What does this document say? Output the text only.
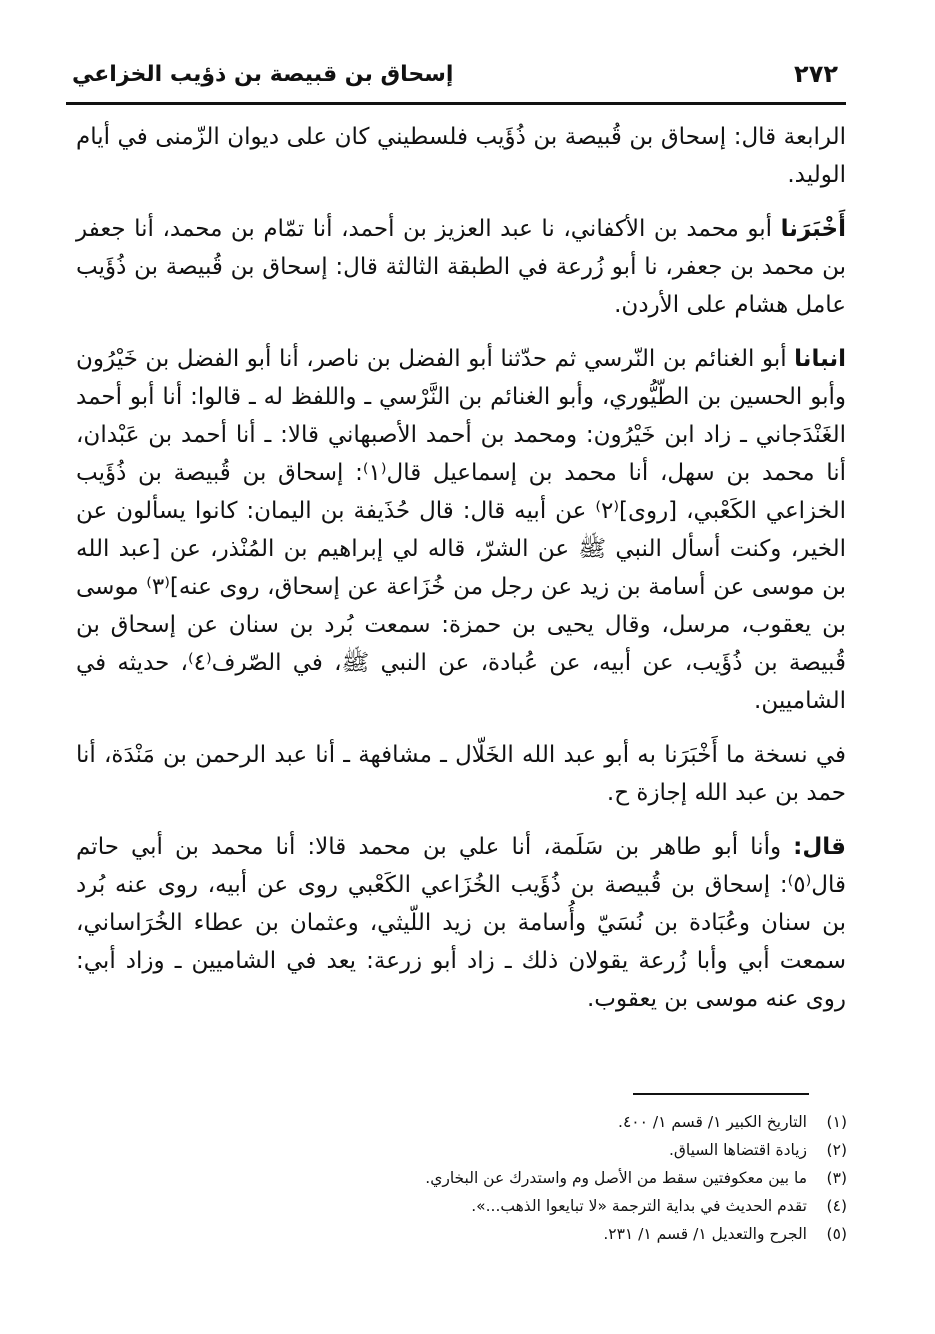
٢٧٢
إسحاق بن قبيصة بن ذؤيب الخزاعي

الرابعة قال: إسحاق بن قُبيصة بن ذُؤَيب فلسطيني كان على ديوان الزّمنى في أيام الوليد.

أَخْبَرَنا أبو محمد بن الأكفاني، نا عبد العزيز بن أحمد، أنا تمّام بن محمد، أنا جعفر بن محمد بن جعفر، نا أبو زُرعة في الطبقة الثالثة قال: إسحاق بن قُبيصة بن ذُؤَيب عامل هشام على الأردن.

انبانا أبو الغنائم بن النّرسي ثم حدّثنا أبو الفضل بن ناصر، أنا أبو الفضل بن خَيْرُون وأبو الحسين بن الطّيُّوري، وأبو الغنائم بن النَّرْسي ـ واللفظ له ـ قالوا: أنا أبو أحمد الغَنْدَجاني ـ زاد ابن خَيْرُون: ومحمد بن أحمد الأصبهاني قالا: ـ أنا أحمد بن عَبْدان، أنا محمد بن سهل، أنا محمد بن إسماعيل قال⁽١⁾: إسحاق بن قُبيصة بن ذُؤَيب الخزاعي الكَعْبي، [روى]⁽٢⁾ عن أبيه قال: قال حُذَيفة بن اليمان: كانوا يسألون عن الخير، وكنت أسأل النبي ﷺ عن الشرّ، قاله لي إبراهيم بن المُنْذر، عن [عبد الله بن موسى عن أسامة بن زيد عن رجل من خُزَاعة عن إسحاق، روى عنه]⁽٣⁾ موسى بن يعقوب، مرسل، وقال يحيى بن حمزة: سمعت بُرد بن سنان عن إسحاق بن قُبيصة بن ذُؤَيب، عن أبيه، عن عُبادة، عن النبي ﷺ، في الصّرف⁽٤⁾، حديثه في الشاميين.

في نسخة ما أَخْبَرَنا به أبو عبد الله الخَلّال ـ مشافهة ـ أنا عبد الرحمن بن مَنْدَة، أنا حمد بن عبد الله إجازة ح.

قال: وأنا أبو طاهر بن سَلَمة، أنا علي بن محمد قالا: أنا محمد بن أبي حاتم قال⁽٥⁾: إسحاق بن قُبيصة بن ذُؤَيب الخُزَاعي الكَعْبي روى عن أبيه، روى عنه بُرد بن سنان وعُبَادة بن نُسَيّ وأُسامة بن زيد اللّيثي، وعثمان بن عطاء الخُرَاساني، سمعت أبي وأبا زُرعة يقولان ذلك ـ زاد أبو زرعة: يعد في الشاميين ـ وزاد أبي: روى عنه موسى بن يعقوب.

(١)
التاريخ الكبير ١/ قسم ١/ ٤٠٠.
(٢)
زيادة اقتضاها السياق.
(٣)
ما بين معكوفتين سقط من الأصل وم واستدرك عن البخاري.
(٤)
تقدم الحديث في بداية الترجمة «لا تبايعوا الذهب...».
(٥)
الجرح والتعديل ١/ قسم ١/ ٢٣١.
